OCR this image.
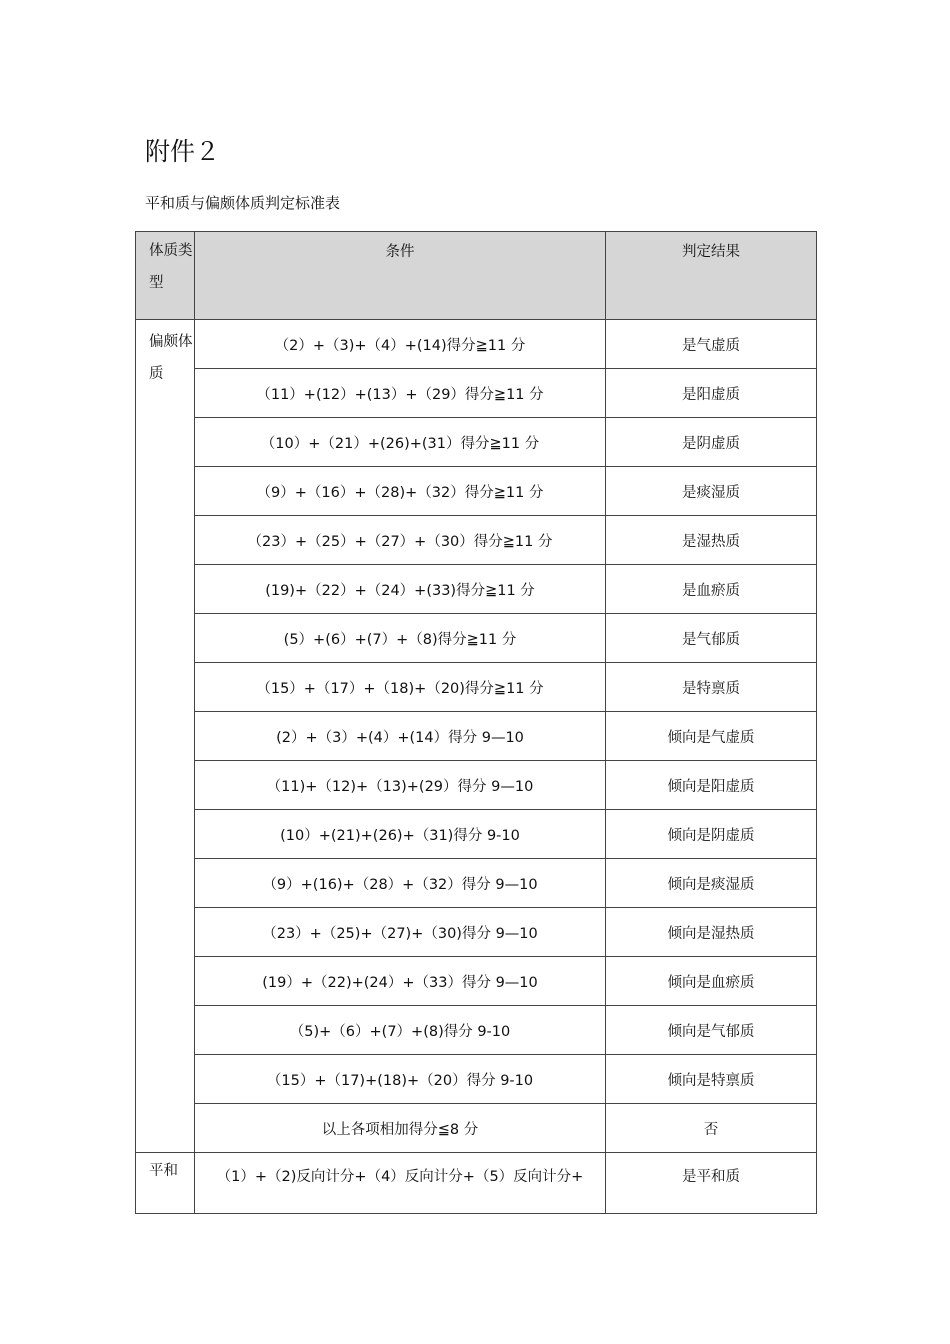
附件２

平和质与偏颇体质判定标准表

体质类型	条件	判定结果
偏颇体质	（2）+（3)+（4）+(14)得分≧11 分	是气虚质
	（11）+(12）+(13）+（29）得分≧11 分	是阳虚质
	（10）+（21）+(26)+(31）得分≧11 分	是阴虚质
	（9）+（16）+（28)+（32）得分≧11 分	是痰湿质
	（23）+（25）+（27）+（30）得分≧11 分	是湿热质
	(19)+（22）+（24）+(33)得分≧11 分	是血瘀质
	(5）+(6）+(7）+（8)得分≧11 分	是气郁质
	（15）+（17）+（18)+（20)得分≧11 分	是特禀质
	(2）+（3）+(4）+(14）得分 9—10	倾向是气虚质
	（11)+（12)+（13)+(29）得分 9—10	倾向是阳虚质
	(10）+(21)+(26)+（31)得分 9-10	倾向是阴虚质
	（9）+(16)+（28）+（32）得分 9—10	倾向是痰湿质
	（23）+（25)+（27)+（30)得分 9—10	倾向是湿热质
	(19）+（22)+(24）+（33）得分 9—10	倾向是血瘀质
	（5)+（6）+(7）+(8)得分 9-10	倾向是气郁质
	（15）+（17)+(18)+（20）得分 9-10	倾向是特禀质
	以上各项相加得分≦8 分	否
平和	（1）+（2)反向计分+（4）反向计分+（5）反向计分+	是平和质
